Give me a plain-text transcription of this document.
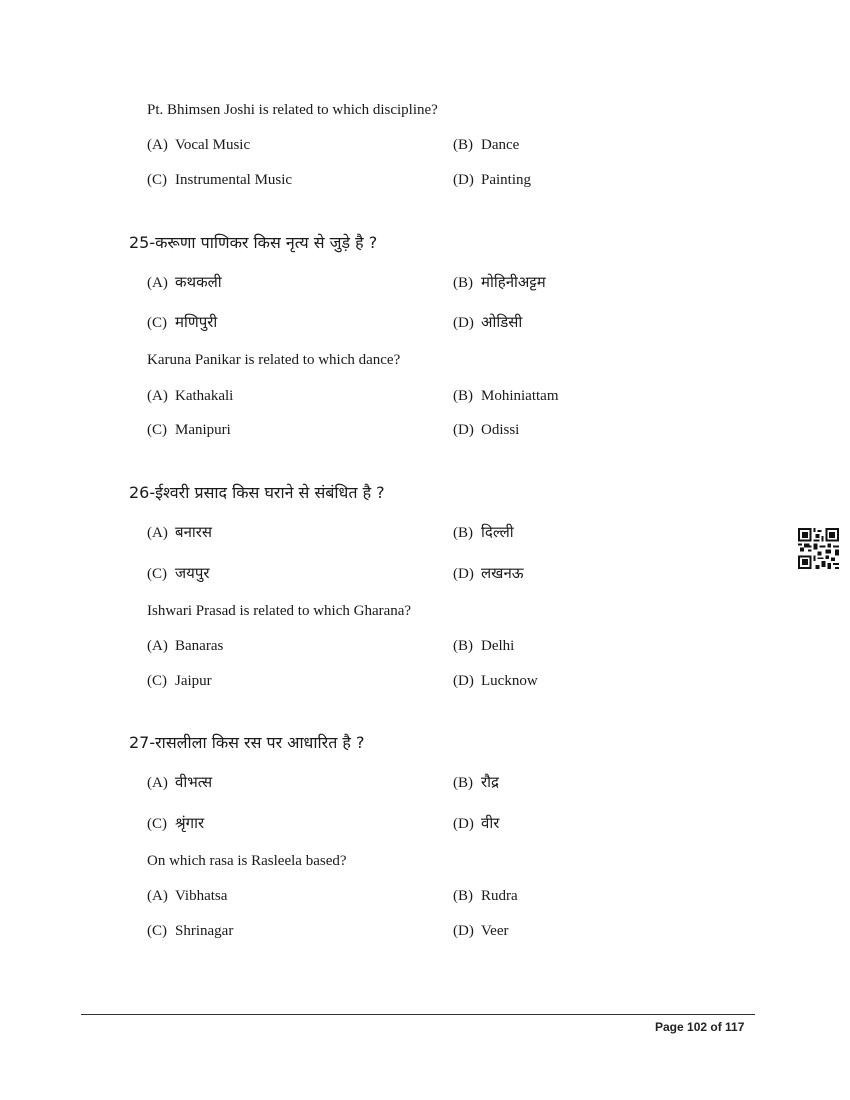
Pt. Bhimsen Joshi is related to which discipline?
(A) Vocal Music	(B) Dance
(C) Instrumental Music	(D) Painting
25-करूणा पाणिकर किस नृत्य से जुड़े है ?
(A) कथकली	(B) मोहिनीअट्टम
(C) मणिपुरी	(D) ओडिसी
Karuna Panikar is related to which dance?
(A) Kathakali	(B) Mohiniattam
(C) Manipuri	(D) Odissi
26-ईश्वरी प्रसाद किस घराने से संबंधित है ?
(A) बनारस	(B) दिल्ली
(C) जयपुर	(D) लखनऊ
Ishwari Prasad is related to which Gharana?
(A) Banaras	(B) Delhi
(C) Jaipur	(D) Lucknow
27-रासलीला किस रस पर आधारित है ?
(A) वीभत्स	(B) रौद्र
(C) श्रृंगार	(D) वीर
On which rasa is Rasleela based?
(A) Vibhatsa	(B) Rudra
(C) Shrinagar	(D) Veer
Page 102 of 117
